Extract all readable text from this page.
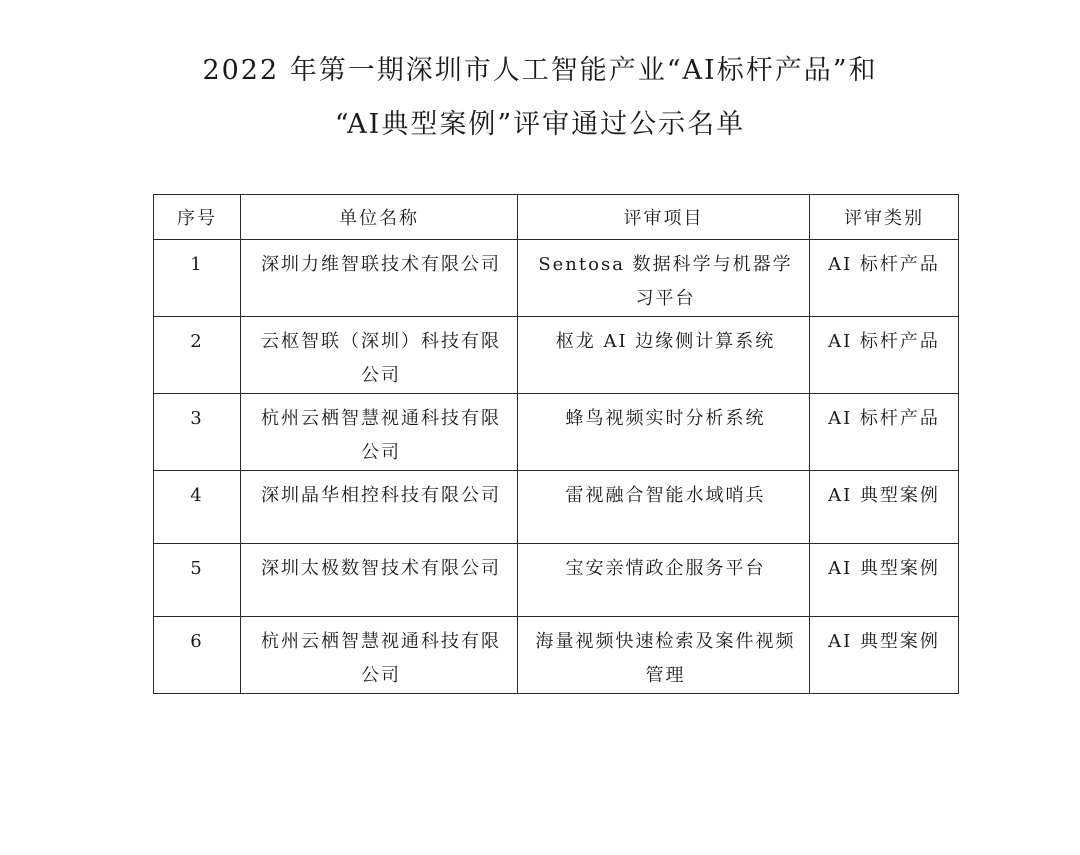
2022 年第一期深圳市人工智能产业“AI标杆产品”和
“AI典型案例”评审通过公示名单
序号	单位名称	评审项目	评审类别
1	深圳力维智联技术有限公司	Sentosa 数据科学与机器学习平台	AI 标杆产品
2	云枢智联（深圳）科技有限公司	枢龙 AI 边缘侧计算系统	AI 标杆产品
3	杭州云栖智慧视通科技有限公司	蜂鸟视频实时分析系统	AI 标杆产品
4	深圳晶华相控科技有限公司	雷视融合智能水域哨兵	AI 典型案例
5	深圳太极数智技术有限公司	宝安亲情政企服务平台	AI 典型案例
6	杭州云栖智慧视通科技有限公司	海量视频快速检索及案件视频管理	AI 典型案例
